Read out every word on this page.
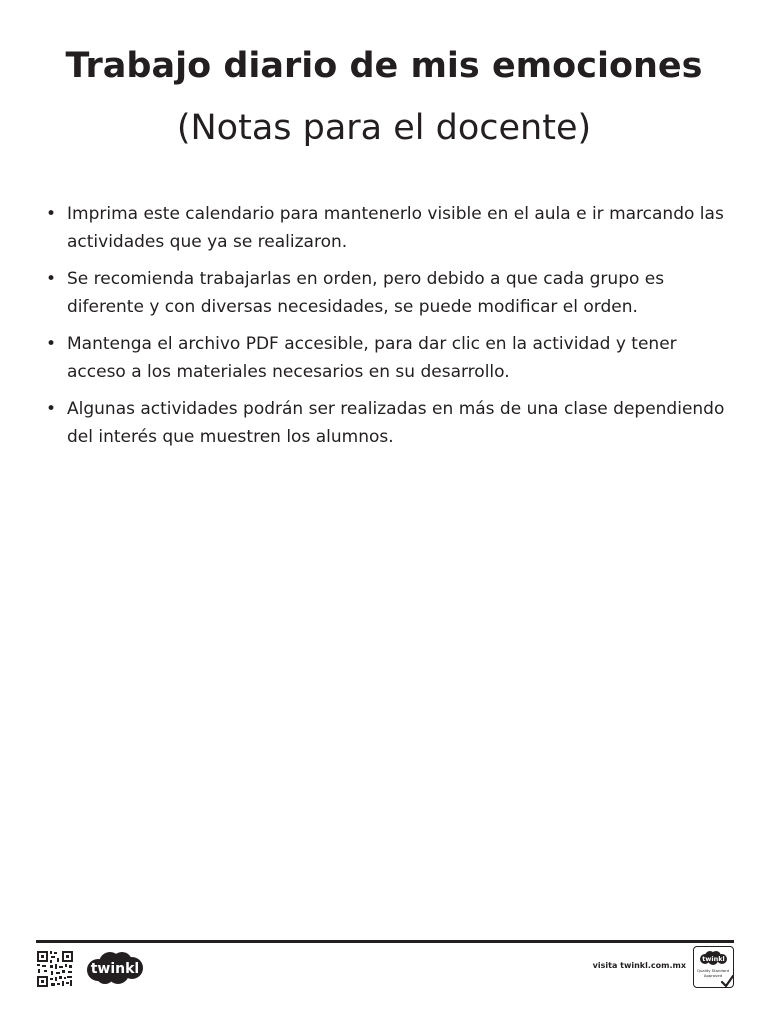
Trabajo diario de mis emociones
(Notas para el docente)
• Imprima este calendario para mantenerlo visible en el aula e ir marcando las actividades que ya se realizaron.
• Se recomienda trabajarlas en orden, pero debido a que cada grupo es diferente y con diversas necesidades, se puede modificar el orden.
• Mantenga el archivo PDF accesible, para dar clic en la actividad y tener acceso a los materiales necesarios en su desarrollo.
• Algunas actividades podrán ser realizadas en más de una clase dependiendo del interés que muestren los alumnos.
twinkl	visita twinkl.com.mx
twinkl
Quality Standard
Approved
